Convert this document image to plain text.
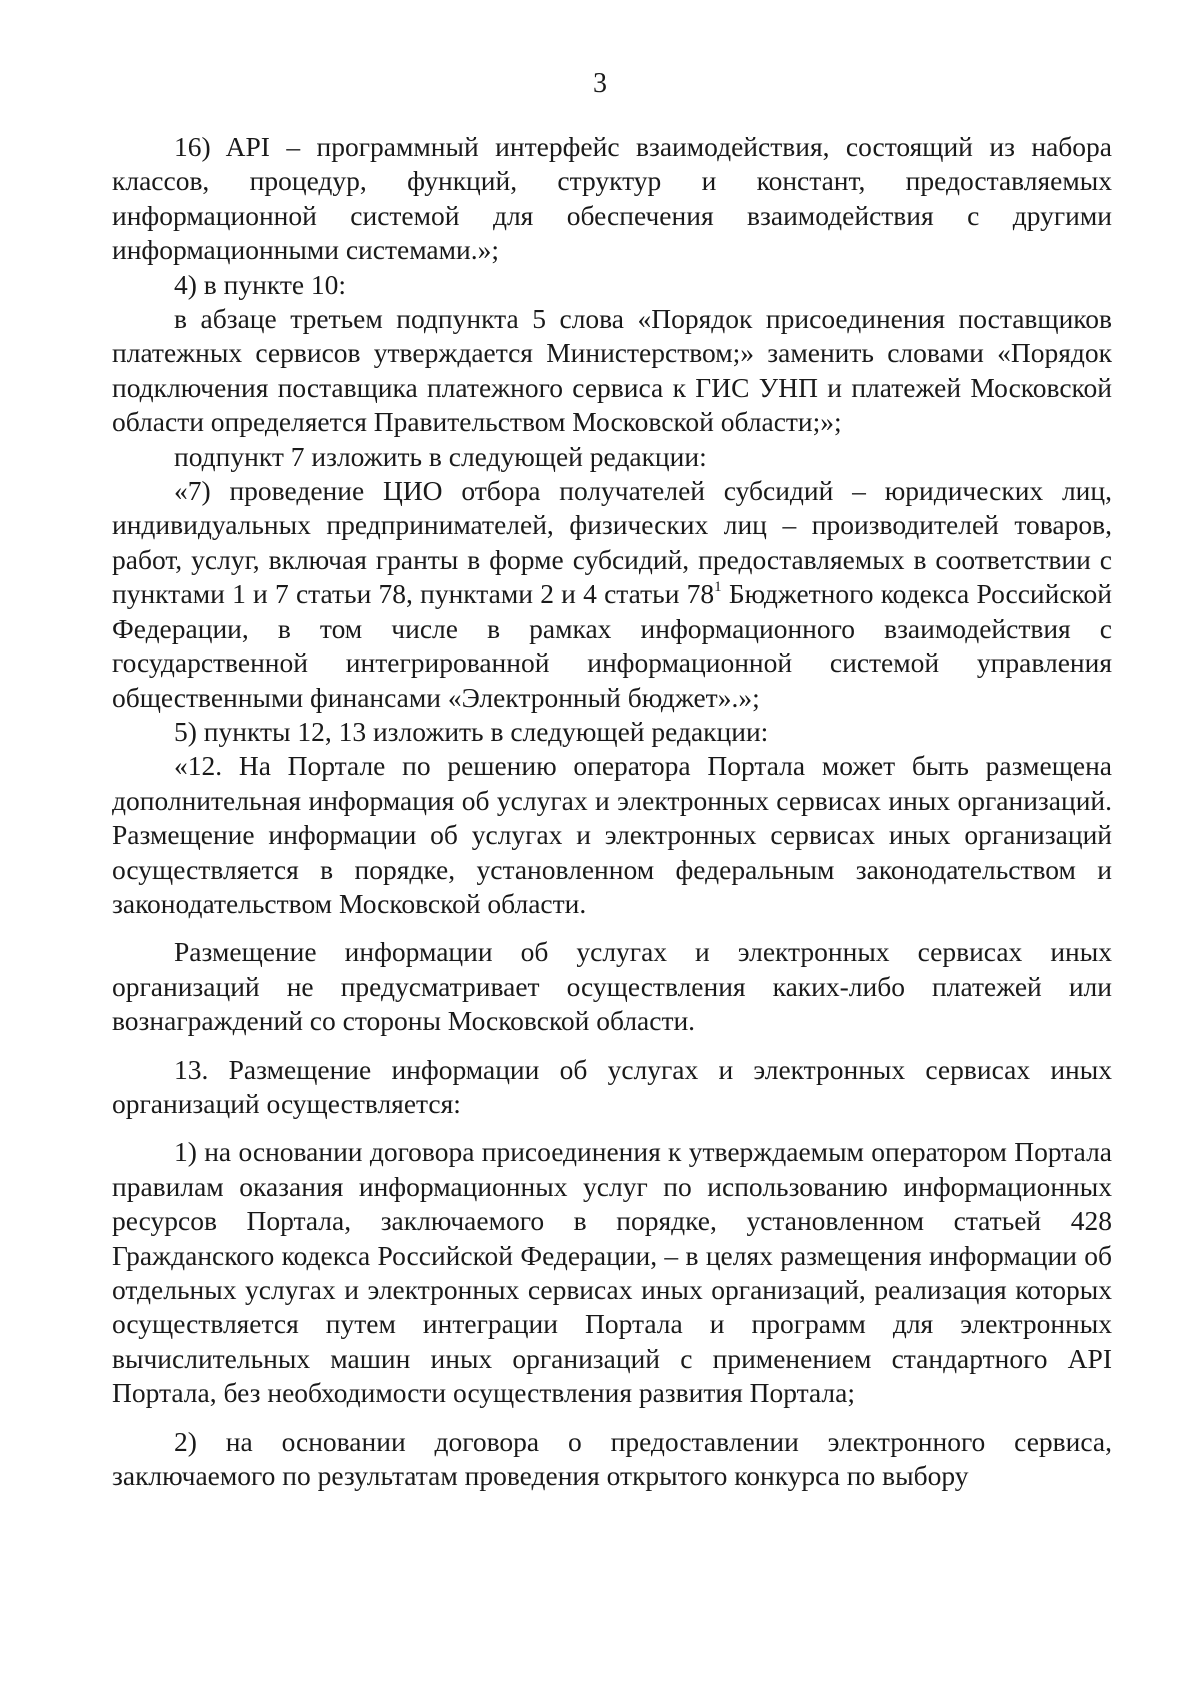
3

16) API – программный интерфейс взаимодействия, состоящий из набора классов, процедур, функций, структур и констант, предоставляемых информационной системой для обеспечения взаимодействия с другими информационными системами.»;

4) в пункте 10:

в абзаце третьем подпункта 5 слова «Порядок присоединения поставщиков платежных сервисов утверждается Министерством;» заменить словами «Порядок подключения поставщика платежного сервиса к ГИС УНП и платежей Московской области определяется Правительством Московской области;»;

подпункт 7 изложить в следующей редакции:

«7) проведение ЦИО отбора получателей субсидий – юридических лиц, индивидуальных предпринимателей, физических лиц – производителей товаров, работ, услуг, включая гранты в форме субсидий, предоставляемых в соответствии с пунктами 1 и 7 статьи 78, пунктами 2 и 4 статьи $78^1$ Бюджетного кодекса Российской Федерации, в том числе в рамках информационного взаимодействия с государственной интегрированной информационной системой управления общественными финансами «Электронный бюджет».»;

5) пункты 12, 13 изложить в следующей редакции:

«12. На Портале по решению оператора Портала может быть размещена дополнительная информация об услугах и электронных сервисах иных организаций. Размещение информации об услугах и электронных сервисах иных организаций осуществляется в порядке, установленном федеральным законодательством и законодательством Московской области.

Размещение информации об услугах и электронных сервисах иных организаций не предусматривает осуществления каких-либо платежей или вознаграждений со стороны Московской области.

13. Размещение информации об услугах и электронных сервисах иных организаций осуществляется:

1) на основании договора присоединения к утверждаемым оператором Портала правилам оказания информационных услуг по использованию информационных ресурсов Портала, заключаемого в порядке, установленном статьей 428 Гражданского кодекса Российской Федерации, – в целях размещения информации об отдельных услугах и электронных сервисах иных организаций, реализация которых осуществляется путем интеграции Портала и программ для электронных вычислительных машин иных организаций с применением стандартного API Портала, без необходимости осуществления развития Портала;

2) на основании договора о предоставлении электронного сервиса, заключаемого по результатам проведения открытого конкурса по выбору
